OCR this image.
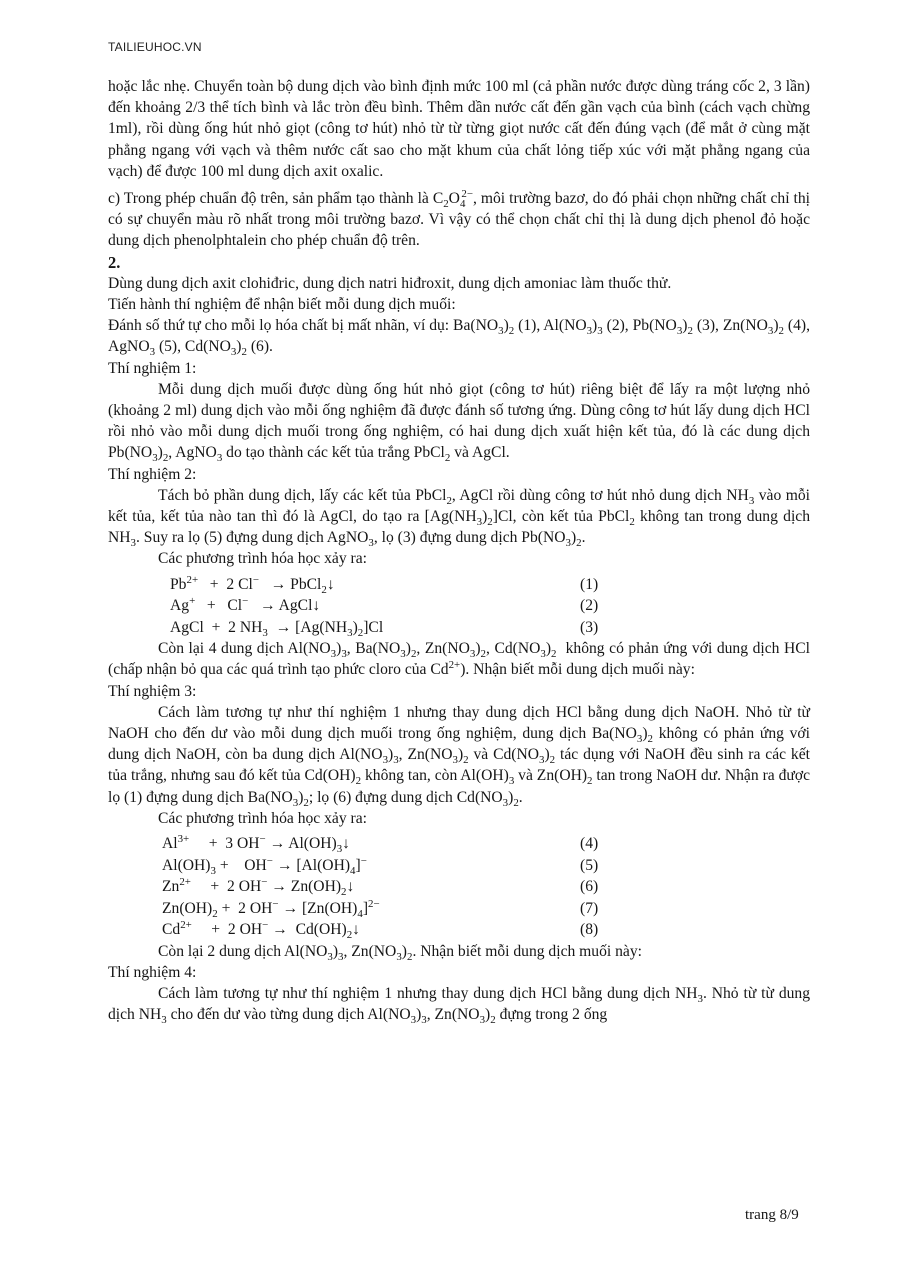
TAILIEUHOC.VN

hoặc lắc nhẹ. Chuyển toàn bộ dung dịch vào bình định mức 100 ml (cả phần nước được dùng tráng cốc 2, 3 lần) đến khoảng 2/3 thể tích bình và lắc tròn đều bình. Thêm dần nước cất đến gần vạch của bình (cách vạch chừng 1ml), rồi dùng ống hút nhỏ giọt (công tơ hút) nhỏ từ từ từng giọt nước cất đến đúng vạch (để mắt ở cùng mặt phẳng ngang với vạch và thêm nước cất sao cho mặt khum của chất lỏng tiếp xúc với mặt phẳng ngang của vạch) để được 100 ml dung dịch axit oxalic.

c) Trong phép chuẩn độ trên, sản phẩm tạo thành là $C_2O_4^{2-}$, môi trường bazơ, do đó phải chọn những chất chỉ thị có sự chuyển màu rõ nhất trong môi trường bazơ. Vì vậy có thể chọn chất chỉ thị là dung dịch phenol đỏ hoặc dung dịch phenolphtalein cho phép chuẩn độ trên.

2.

Dùng dung dịch axit clohiđric, dung dịch natri hiđroxit, dung dịch amoniac làm thuốc thử.

Tiến hành thí nghiệm để nhận biết mỗi dung dịch muối:

Đánh số thứ tự cho mỗi lọ hóa chất bị mất nhãn, ví dụ: $Ba(NO_3)_2$ (1), $Al(NO_3)_3$ (2), $Pb(NO_3)_2$ (3), $Zn(NO_3)_2$ (4), AgNO$_3$ (5), $Cd(NO_3)_2$ (6).

Thí nghiệm 1:

Mỗi dung dịch muối được dùng ống hút nhỏ giọt (công tơ hút) riêng biệt để lấy ra một lượng nhỏ (khoảng 2 ml) dung dịch vào mỗi ống nghiệm đã được đánh số tương ứng. Dùng công tơ hút lấy dung dịch HCl rồi nhỏ vào mỗi dung dịch muối trong ống nghiệm, có hai dung dịch xuất hiện kết tủa, đó là các dung dịch $Pb(NO_3)_2$, AgNO$_3$ do tạo thành các kết tủa trắng PbCl$_2$ và AgCl.

Thí nghiệm 2:

Tách bỏ phần dung dịch, lấy các kết tủa PbCl$_2$, AgCl rồi dùng công tơ hút nhỏ dung dịch $NH_3$ vào mỗi kết tủa, kết tủa nào tan thì đó là AgCl, do tạo ra $[Ag(NH_3)_2]Cl$, còn kết tủa PbCl$_2$ không tan trong dung dịch $NH_3$. Suy ra lọ (5) đựng dung dịch AgNO$_3$, lọ (3) đựng dung dịch $Pb(NO_3)_2$.

Các phương trình hóa học xảy ra:

$Pb^{2+} + 2$ Cl−   → PbCl$_2$↓	(1)
Ag+   +   Cl−   → AgCl↓	(2)
AgCl  +  2 $NH_3 \to [Ag(NH_3)_2]Cl$	(3)

Còn lại 4 dung dịch $Al(NO_3)_3$, $Ba(NO_3)_2$, $Zn(NO_3)_2$, $Cd(NO_3)_2$ không có phản ứng với dung dịch HCl (chấp nhận bỏ qua các quá trình tạo phức cloro của $Cd^{2+}$). Nhận biết mỗi dung dịch muối này:

Thí nghiệm 3:

Cách làm tương tự như thí nghiệm 1 nhưng thay dung dịch HCl bằng dung dịch NaOH. Nhỏ từ từ NaOH cho đến dư vào mỗi dung dịch muối trong ống nghiệm, dung dịch $Ba(NO_3)_2$ không có phản ứng với dung dịch NaOH, còn ba dung dịch $Al(NO_3)_3$, $Zn(NO_3)_2$ và $Cd(NO_3)_2$ tác dụng với NaOH đều sinh ra các kết tủa trắng, nhưng sau đó kết tủa $Cd(OH)_2$ không tan, còn $Al(OH)_3$ và $Zn(OH)_2$ tan trong NaOH dư. Nhận ra được lọ (1) đựng dung dịch $Ba(NO_3)_2$; lọ (6) đựng dung dịch $Cd(NO_3)_2$.

Các phương trình hóa học xảy ra:

$Al^{3+}$     +  3 $OH^- \to Al(OH)_3↓$	(4)
$Al(OH)_3$ +    $OH^- \to [Al(OH)_4]^-$	(5)
$Zn^{2+}$     +  2 $OH^- \to Zn(OH)_2↓$	(6)
$Zn(OH)_2 + 2$ $OH^- \to [Zn(OH)_4]^{2-}$	(7)
$Cd^{2+}$     +  2 $OH^- \to Cd(OH)_2↓$	(8)

Còn lại 2 dung dịch $Al(NO_3)_3$, $Zn(NO_3)_2$. Nhận biết mỗi dung dịch muối này:

Thí nghiệm 4:

Cách làm tương tự như thí nghiệm 1 nhưng thay dung dịch HCl bằng dung dịch $NH_3$. Nhỏ từ từ dung dịch $NH_3$ cho đến dư vào từng dung dịch $Al(NO_3)_3$, $Zn(NO_3)_2$ đựng trong 2 ống

trang 8/9
